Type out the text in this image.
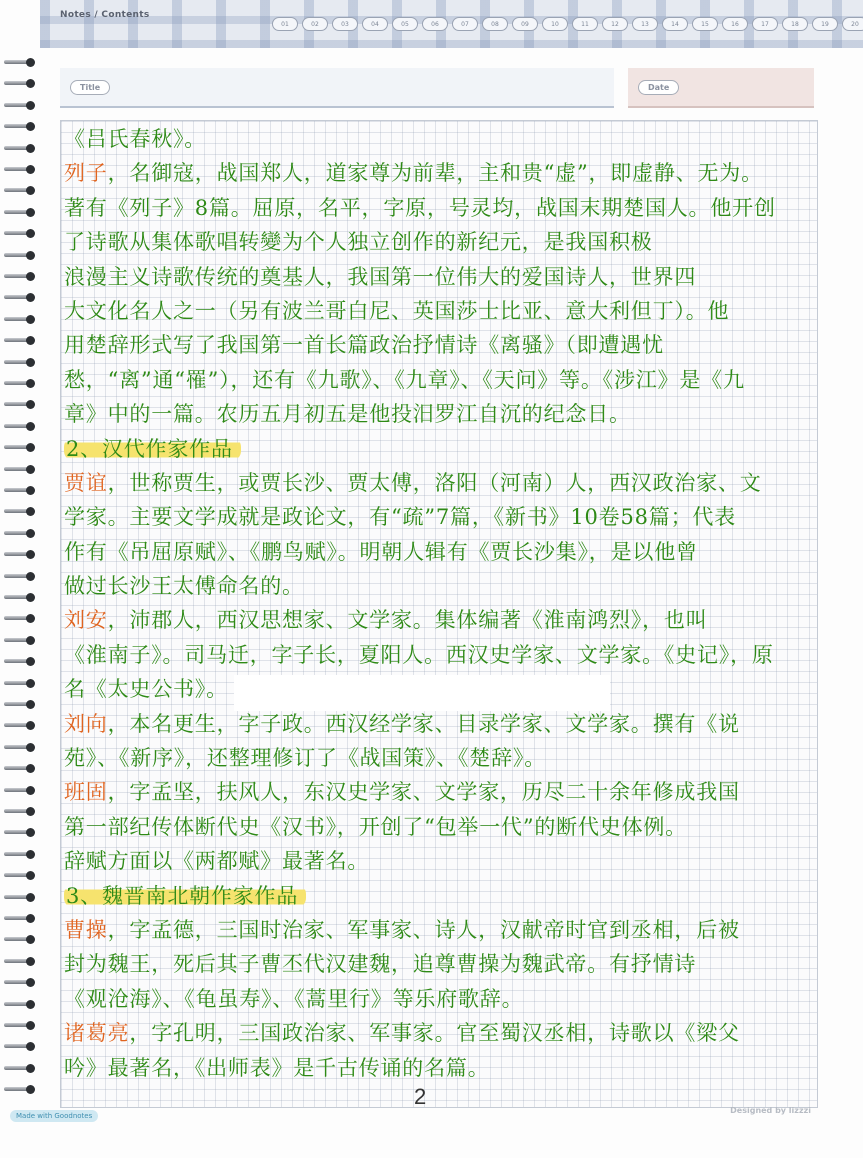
Notes / Contents
01	02	03	04	05	06	07	08	09	10	11	12	13	14	15	16	17	18	19	20
Title	Date
《吕氏春秋》。
列子，名御寇，战国郑人，道家尊为前辈，主和贵“虚”，即虚静、无为。
著有《列子》8篇。屈原，名平，字原，号灵均，战国末期楚国人。他开创
了诗歌从集体歌唱转變为个人独立创作的新纪元，是我国积极
浪漫主义诗歌传统的奠基人，我国第一位伟大的爱国诗人，世界四
大文化名人之一（另有波兰哥白尼、英国莎士比亚、意大利但丁）。他
用楚辞形式写了我国第一首长篇政治抒情诗《离骚》（即遭遇忧
愁，“离”通“罹”），还有《九歌》、《九章》、《天问》等。《涉江》是《九
章》中的一篇。农历五月初五是他投汨罗江自沉的纪念日。
2、汉代作家作品
贾谊，世称贾生，或贾长沙、贾太傅，洛阳（河南）人，西汉政治家、文
学家。主要文学成就是政论文，有“疏”7篇，《新书》10卷58篇；代表
作有《吊屈原赋》、《鹏鸟赋》。明朝人辑有《贾长沙集》，是以他曾
做过长沙王太傅命名的。
刘安，沛郡人，西汉思想家、文学家。集体编著《淮南鸿烈》，也叫
《淮南子》。司马迁，字子长，夏阳人。西汉史学家、文学家。《史记》，原
名《太史公书》。
刘向，本名更生，字子政。西汉经学家、目录学家、文学家。撰有《说
苑》、《新序》，还整理修订了《战国策》、《楚辞》。
班固，字孟坚，扶风人，东汉史学家、文学家，历尽二十余年修成我国
第一部纪传体断代史《汉书》，开创了“包举一代”的断代史体例。
辞赋方面以《两都赋》最著名。
3、魏晋南北朝作家作品
曹操，字孟德，三国时治家、军事家、诗人，汉献帝时官到丞相，后被
封为魏王，死后其子曹丕代汉建魏，追尊曹操为魏武帝。有抒情诗
《观沧海》、《龟虽寿》、《蒿里行》等乐府歌辞。
诸葛亮，字孔明，三国政治家、军事家。官至蜀汉丞相，诗歌以《梁父
吟》最著名，《出师表》是千古传诵的名篇。
2
Made with Goodnotes
Designed by lizzzi
